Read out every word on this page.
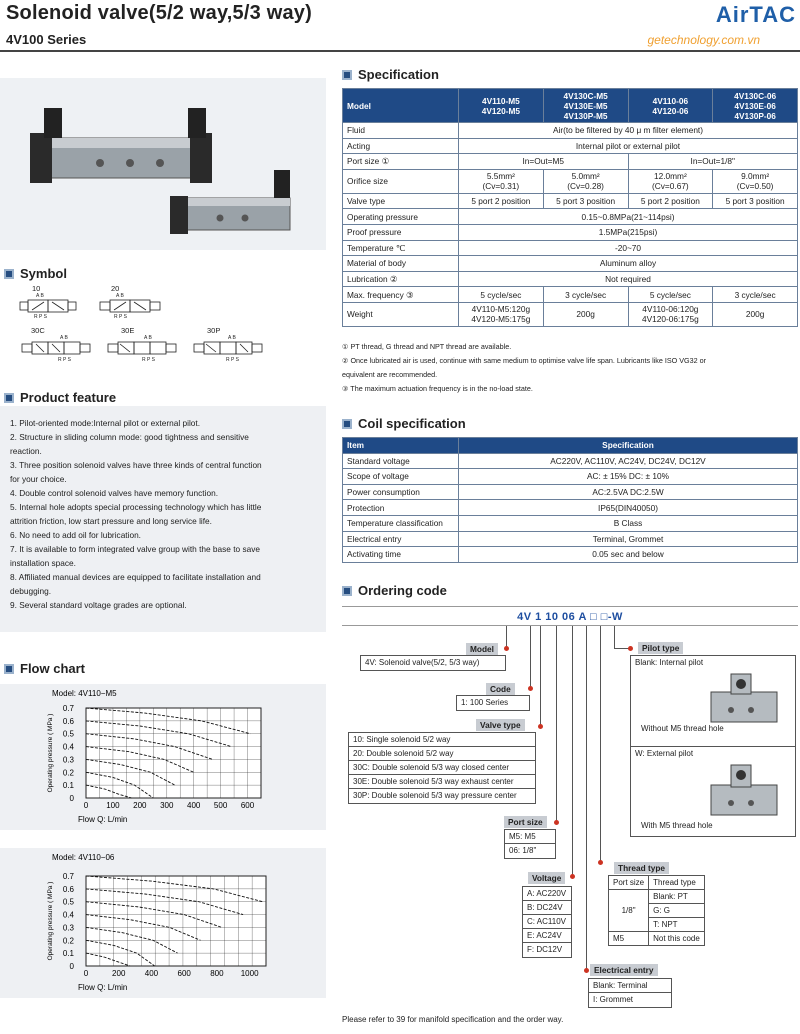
Solenoid valve(5/2 way,5/3 way)
4V100 Series
AirTAC
getechnology.com.vn
Symbol
10	20
30C	30E	30P
A B
R P S
A B
R P S
A B
R P S
A B
R P S
A B
R P S
Product feature
1. Pilot-oriented mode:Internal pilot or external pilot.
2. Structure in sliding column mode: good tightness and sensitive
reaction.
3. Three position solenoid valves have three kinds of central function
for your choice.
4. Double control solenoid valves have memory function.
5. Internal hole adopts special processing technology which has little
attrition friction, low start pressure and long service life.
6. No need to add oil for lubrication.
7. It is available to form integrated valve group with the base to save
installation space.
8. Affiliated manual devices are equipped to facilitate installation and
debugging.
9. Several standard voltage grades are optional.
Flow chart
Model: 4V110−M5
0.1
0.2
0.3
0.4
0.5
0.6
0.7
0
0 100 200 300 400 500 600
Flow Q: L/min
Operating pressure ( MPa )
Model: 4V110−06
0.1
0.2
0.3
0.4
0.5
0.6
0.7
0
0	200 400 600 800 1000
Flow Q: L/min
Operating pressure ( MPa )
Specification
Model	4V110-M5
4V120-M5	4V130C-M5
4V130E-M5
4V130P-M5	4V110-06
4V120-06	4V130C-06
4V130E-06
4V130P-06
Fluid	Air(to be filtered by 40 μ m filter element)			
Acting	Internal pilot or external pilot			
Port size ①	In=Out=M5		In=Out=1/8"	
Orifice size	5.5mm²
(Cv=0.31)	5.0mm²
(Cv=0.28)	12.0mm²
(Cv=0.67)	9.0mm²
(Cv=0.50)
Valve type	5 port 2 position	5 port 3 position	5 port 2 position	5 port 3 position
Operating pressure	0.15~0.8MPa(21~114psi)			
Proof pressure	1.5MPa(215psi)			
Temperature ℃	-20~70			
Material of body	Aluminum alloy			
Lubrication ②	Not required			
Max. frequency ③	5 cycle/sec	3 cycle/sec	5 cycle/sec	3 cycle/sec
Weight	4V110-M5:120g
4V120-M5:175g	200g	4V110-06:120g
4V120-06:175g	200g
① PT thread, G thread and NPT thread are available.
② Once lubricated air is used, continue with same medium to optimise valve life span. Lubricants like ISO VG32 or
equivalent are recommended.
③ The maximum actuation frequency is in the no-load state.
Coil specification
Item	Specification
Standard voltage	AC220V, AC110V, AC24V, DC24V, DC12V
Scope of voltage	AC: ± 15% DC: ± 10%
Power consumption	AC:2.5VA DC:2.5W
Protection	IP65(DIN40050)
Temperature classification	B Class
Electrical entry	Terminal, Grommet
Activating time	0.05 sec and below
Ordering code
4V 1 10 06 A □ □-W
Model
4V: Solenoid valve(5/2, 5/3 way)
Code
1: 100 Series
Valve type
10: Single solenoid 5/2 way
20: Double solenoid 5/2 way
30C: Double solenoid 5/3 way closed center
30E: Double solenoid 5/3 way exhaust center
30P: Double solenoid 5/3 way pressure center
Port size
M5: M5
06: 1/8"
Voltage
A: AC220V
B: DC24V
C: AC110V
E: AC24V
F: DC12V
Electrical entry
Blank: Terminal
I: Grommet
Thread type
Port size	Thread type
1/8"	Blank: PT
	G: G
	T: NPT
M5	Not this code
Pilot type
Blank: Internal pilot
Without M5 thread hole
W: External pilot
With M5 thread hole
Please refer to 39 for manifold specification and the order way.
